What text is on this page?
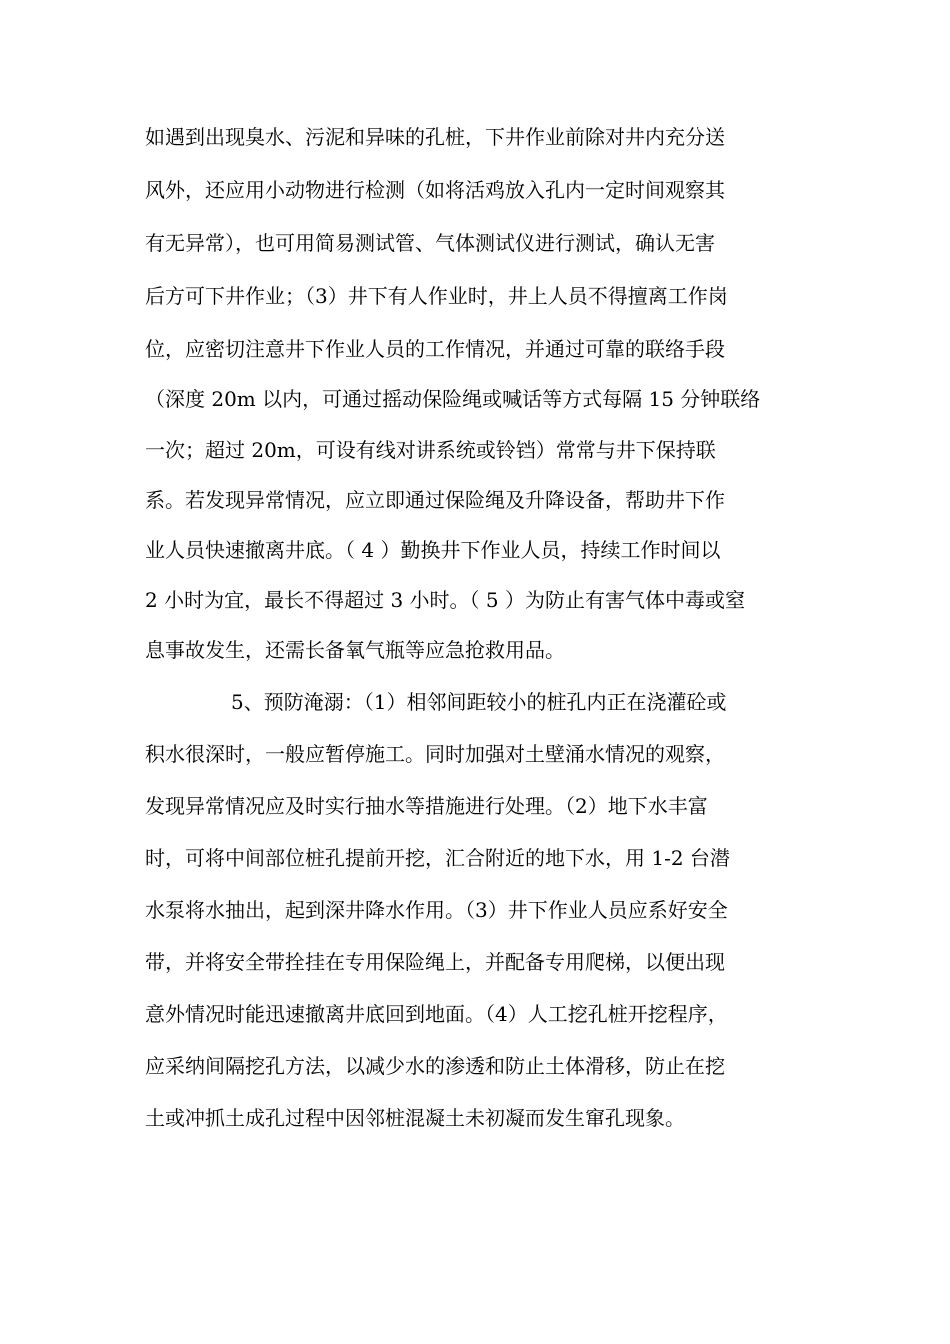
如遇到出现臭水、污泥和异味的孔桩，下井作业前除对井内充分送
风外，还应用小动物进行检测（如将活鸡放入孔内一定时间观察其
有无异常），也可用简易测试管、气体测试仪进行测试，确认无害
后方可下井作业；（3）井下有人作业时，井上人员不得擅离工作岗
位，应密切注意井下作业人员的工作情况，并通过可靠的联络手段
（深度 20m 以内，可通过摇动保险绳或喊话等方式每隔 15 分钟联络
一次；超过 20m，可设有线对讲系统或铃铛）常常与井下保持联
系。若发现异常情况，应立即通过保险绳及升降设备，帮助井下作
业人员快速撤离井底。（ 4 ）勤换井下作业人员，持续工作时间以
2 小时为宜，最长不得超过 3 小时。（ 5 ）为防止有害气体中毒或窒
息事故发生，还需长备氧气瓶等应急抢救用品。
5、预防淹溺：（1）相邻间距较小的桩孔内正在浇灌砼或
积水很深时，一般应暂停施工。同时加强对土壁涌水情况的观察，
发现异常情况应及时实行抽水等措施进行处理。（2）地下水丰富
时，可将中间部位桩孔提前开挖，汇合附近的地下水，用 1-2 台潜
水泵将水抽出，起到深井降水作用。（3）井下作业人员应系好安全
带，并将安全带拴挂在专用保险绳上，并配备专用爬梯，以便出现
意外情况时能迅速撤离井底回到地面。（4）人工挖孔桩开挖程序，
应采纳间隔挖孔方法，以减少水的渗透和防止土体滑移，防止在挖
土或冲抓土成孔过程中因邻桩混凝土未初凝而发生窜孔现象。
